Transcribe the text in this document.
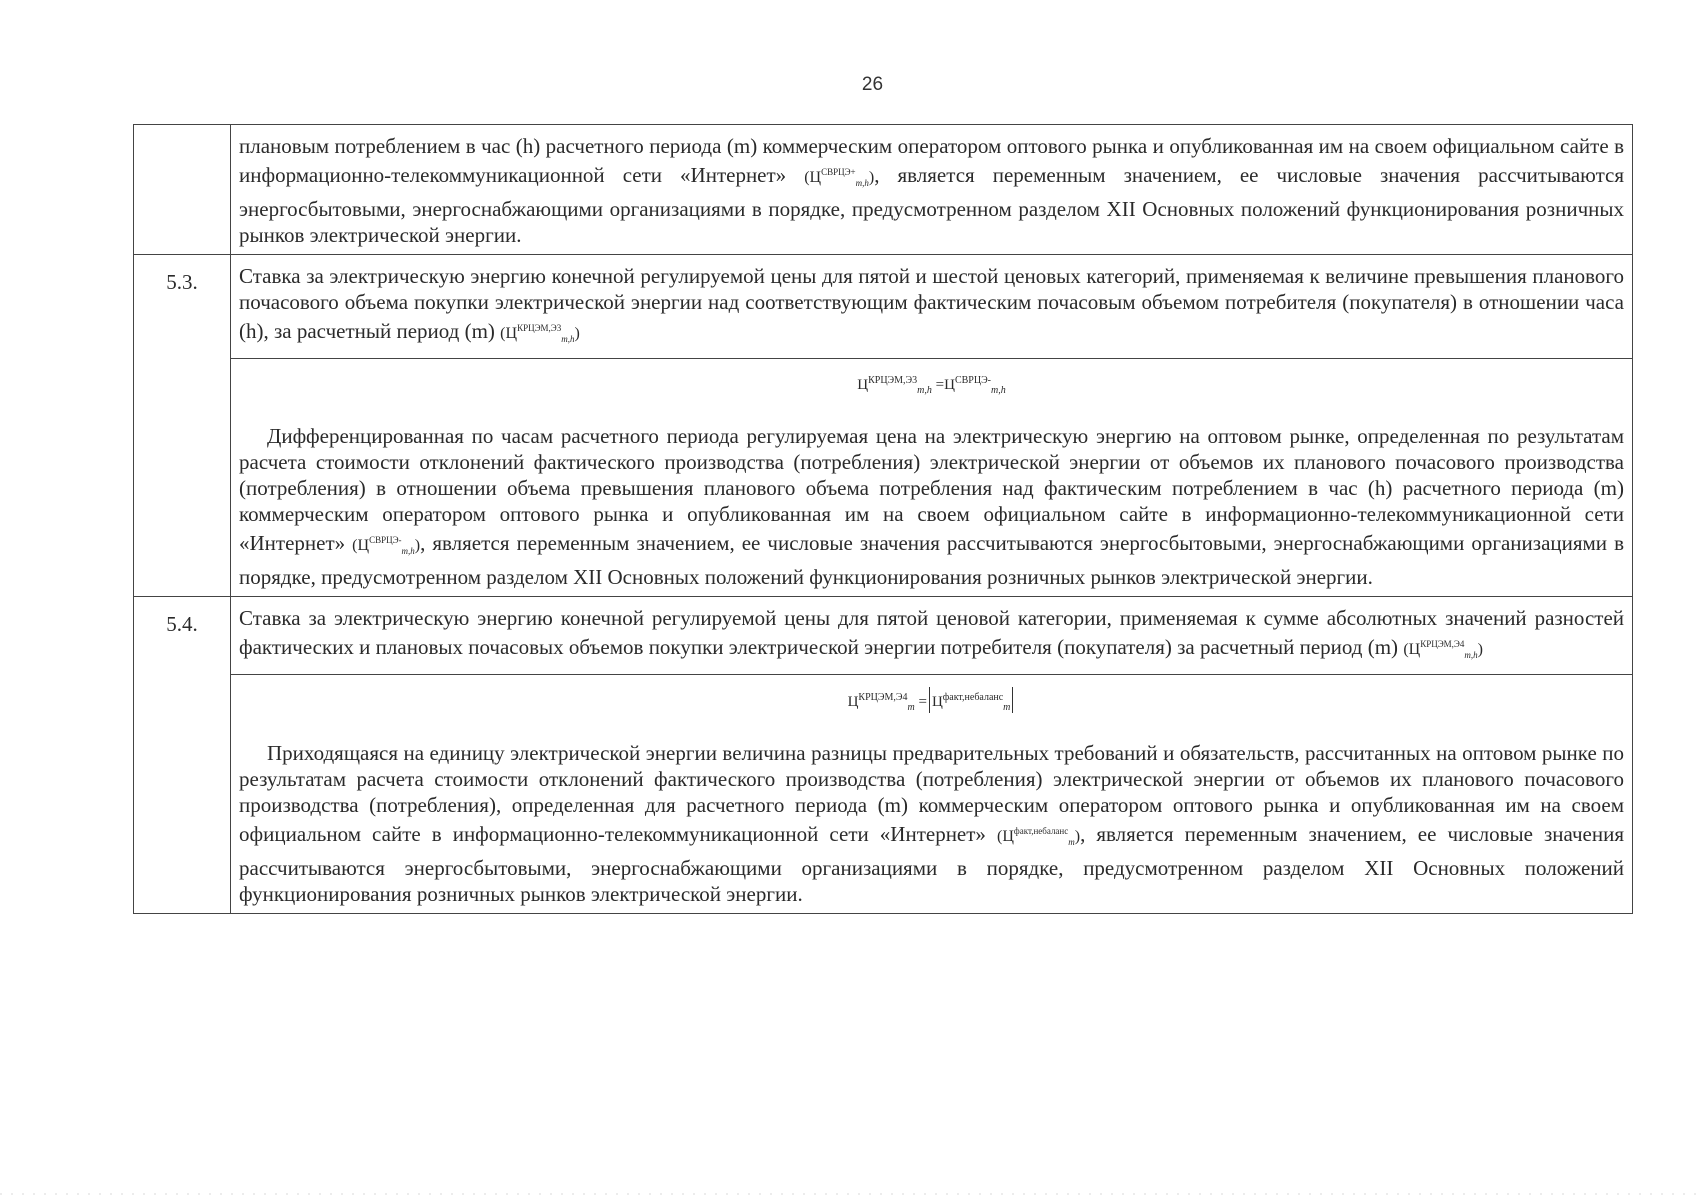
26
	плановым потреблением в час (h) расчетного периода (m) коммерческим оператором оптового рынка и опубликованная им на своем официальном сайте в информационно-телекоммуникационной сети «Интернет» $(Ц^{СВРЦЭ+}_{m,h})$, является переменным значением, ее числовые значения рассчитываются энергосбытовыми, энергоснабжающими организациями в порядке, предусмотренном разделом XII Основных положений функционирования розничных рынков электрической энергии.

5.3.	Ставка за электрическую энергию конечной регулируемой цены для пятой и шестой ценовых категорий, применяемая к величине превышения планового почасового объема покупки электрической энергии над соответствующим фактическим почасовым объемом потребителя (покупателя) в отношении часа (h), за расчетный период (m) $(Ц^{КРЦЭМ,Э3}_{m,h})$

	$Ц^{КРЦЭМ,Э3}_{m,h} =Ц^{СВРЦЭ-}_{m,h}$
Дифференцированная по часам расчетного периода регулируемая цена на электрическую энергию на оптовом рынке, определенная по результатам расчета стоимости отклонений фактического производства (потребления) электрической энергии от объемов их планового почасового производства (потребления) в отношении объема превышения планового объема потребления над фактическим потреблением в час (h) расчетного периода (m) коммерческим оператором оптового рынка и опубликованная им на своем официальном сайте в информационно-телекоммуникационной сети «Интернет» $(Ц^{СВРЦЭ-}_{m,h})$, является переменным значением, ее числовые значения рассчитываются энергосбытовыми, энергоснабжающими организациями в порядке, предусмотренном разделом XII Основных положений функционирования розничных рынков электрической энергии.

5.4.	Ставка за электрическую энергию конечной регулируемой цены для пятой ценовой категории, применяемая к сумме абсолютных значений разностей фактических и плановых почасовых объемов покупки электрической энергии потребителя (покупателя) за расчетный период (m) $(Ц^{КРЦЭМ,Э4}_{m,h})$

	$Ц^{КРЦЭМ,Э4}_m = Ц^{факт,небаланс}_m$
Приходящаяся на единицу электрической энергии величина разницы предварительных требований и обязательств, рассчитанных на оптовом рынке по результатам расчета стоимости отклонений фактического производства (потребления) электрической энергии от объемов их планового почасового производства (потребления), определенная для расчетного периода (m) коммерческим оператором оптового рынка и опубликованная им на своем официальном сайте в информационно-телекоммуникационной сети «Интернет» $(Ц^{факт,небаланс}_m)$, является переменным значением, ее числовые значения рассчитываются энергосбытовыми, энергоснабжающими организациями в порядке, предусмотренном разделом XII Основных положений функционирования розничных рынков электрической энергии.
